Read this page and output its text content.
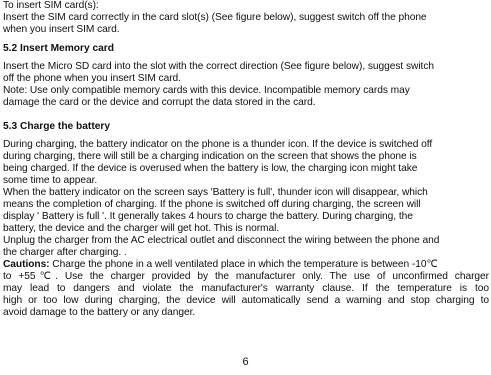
To insert SIM card(s):
Insert the SIM card correctly in the card slot(s) (See figure below), suggest switch off the phone
when you insert SIM card.
5.2 Insert Memory card
Insert the Micro SD card into the slot with the correct direction (See figure below), suggest switch
off the phone when you insert SIM card.
Note: Use only compatible memory cards with this device. Incompatible memory cards may
damage the card or the device and corrupt the data stored in the card.
5.3 Charge the battery
During charging, the battery indicator on the phone is a thunder icon. If the device is switched off
during charging, there will still be a charging indication on the screen that shows the phone is
being charged. If the device is overused when the battery is low, the charging icon might take
some time to appear.
When the battery indicator on the screen says 'Battery is full', thunder icon will disappear, which
means the completion of charging. If the phone is switched off during charging, the screen will
display ' Battery is full '. It generally takes 4 hours to charge the battery. During charging, the
battery, the device and the charger will get hot. This is normal.
Unplug the charger from the AC electrical outlet and disconnect the wiring between the phone and
the charger after charging. .
Cautions: Charge the phone in a well ventilated place in which the temperature is between -10℃
to +55℃. Use the charger provided by the manufacturer only. The use of unconfirmed charger
may lead to dangers and violate the manufacturer's warranty clause. If the temperature is too
high or too low during charging, the device will automatically send a warning and stop charging to
avoid damage to the battery or any danger.
6
